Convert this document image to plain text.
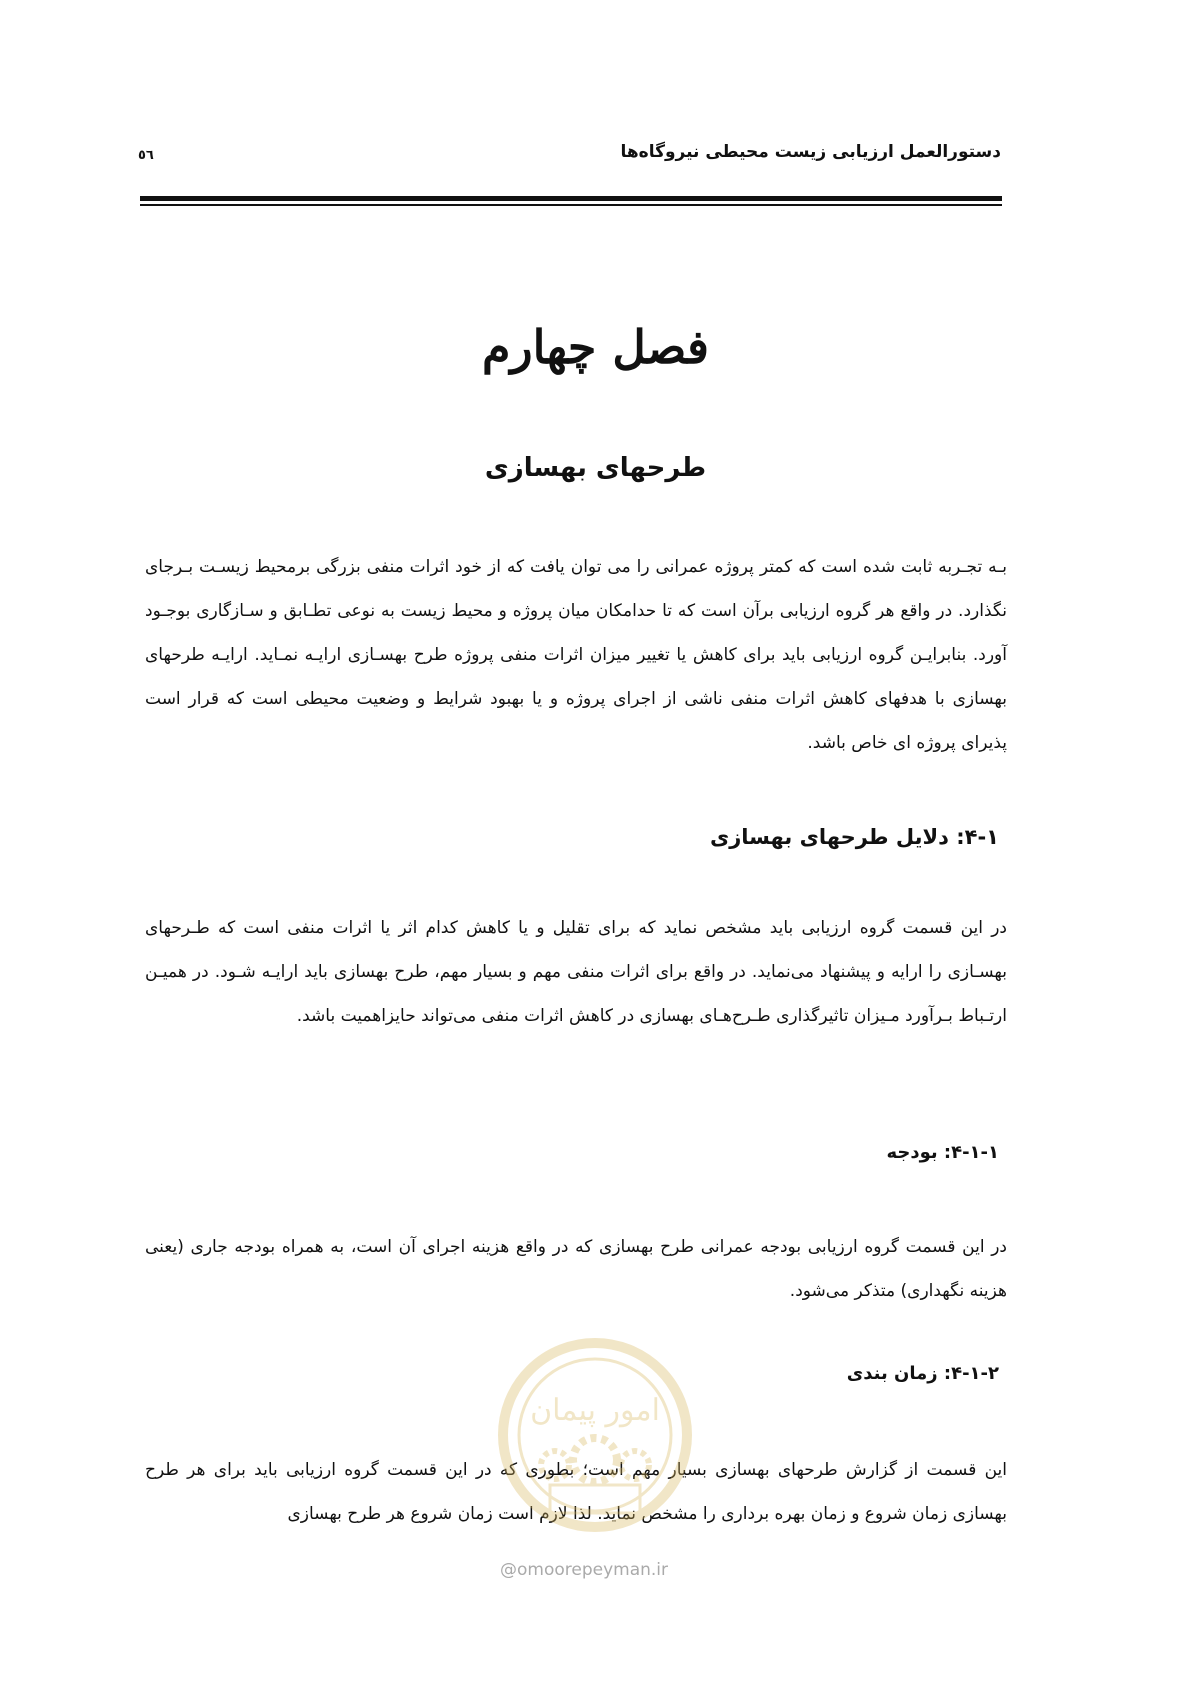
دستورالعمل ارزیابی زیست محیطی نیروگاه‌ها
٥٦
فصل چهارم
طرحهای بهسازی

بـه تجـربه ثابت شده است که کمتر پروژه عمرانی را می توان یافت که از خود اثرات منفی بزرگی برمحیط زیسـت بـرجای نگذارد. در واقع هر گروه ارزیابی برآن است که تا حدامکان میان پروژه و محیط زیست به نوعی تطـابق و سـازگاری بوجـود آورد. بنابرایـن گروه ارزیابی باید برای کاهش یا تغییر میزان اثرات منفی پروژه طرح بهسـازی ارایـه نمـاید. ارایـه طرحهای بهسازی با هدفهای کاهش اثرات منفی ناشی از اجرای پروژه و یا بهبود شرایط و وضعیت محیطی است که قرار است پذیرای پروژه ای خاص باشد.

۴-۱: دلایل طرحهای بهسازی

در این قسمت گروه ارزیابی باید مشخص نماید که برای تقلیل و یا کاهش کدام اثر یا اثرات منفی است که طـرحهای بهسـازی را ارایه و پیشنهاد می‌نماید. در واقع برای اثرات منفی مهم و بسیار مهم، طرح بهسازی باید ارایـه شـود. در همیـن ارتـباط بـرآورد مـیزان تاثیرگذاری طـرح‌هـای بهسازی در کاهش اثرات منفی می‌تواند حایزاهمیت باشد.

۴-۱-۱: بودجه

در این قسمت گروه ارزیابی بودجه عمرانی طرح بهسازی که در واقع هزینه اجرای آن است، به همراه بودجه جاری (یعنی هزینه نگهداری) متذکر می‌شود.

۴-۱-۲: زمان بندی

این قسمت از گزارش طرحهای بهسازی بسیار مهم است؛ بطوری که در این قسمت گروه ارزیابی باید برای هر طرح بهسازی زمان شروع و زمان بهره برداری را مشخص نماید. لذا لازم است زمان شروع هر طرح بهسازی

امور پیمان
@omoorepeyman.ir
